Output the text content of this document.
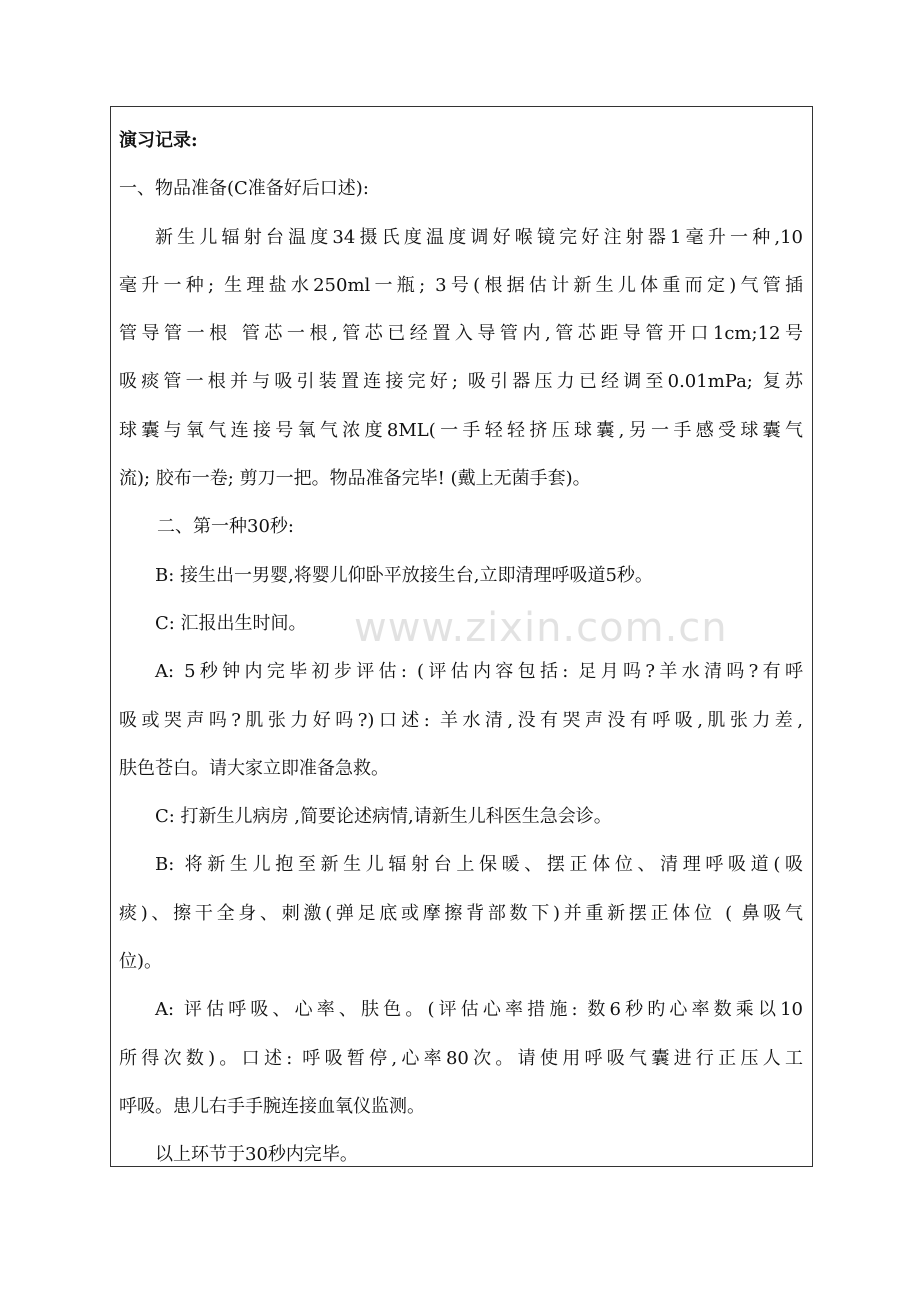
演习记录:
一、物品准备(C准备好后口述):
新生儿辐射台温度34摄氏度温度调好喉镜完好注射器1毫升一种,10
毫升一种; 生理盐水250ml一瓶; 3号(根据估计新生儿体重而定)气管插
管导管一根 管芯一根,管芯已经置入导管内,管芯距导管开口1cm;12号
吸痰管一根并与吸引装置连接完好; 吸引器压力已经调至0.01mPa; 复苏
球囊与氧气连接号氧气浓度8ML(一手轻轻挤压球囊,另一手感受球囊气
流); 胶布一卷; 剪刀一把。物品准备完毕! (戴上无菌手套)。
二、第一种30秒:
B: 接生出一男婴,将婴儿仰卧平放接生台,立即清理呼吸道5秒。
C: 汇报出生时间。
A: 5秒钟内完毕初步评估: (评估内容包括: 足月吗?羊水清吗?有呼
吸或哭声吗?肌张力好吗?)口述: 羊水清,没有哭声没有呼吸,肌张力差,
肤色苍白。请大家立即准备急救。
C: 打新生儿病房 ,简要论述病情,请新生儿科医生急会诊。
B: 将新生儿抱至新生儿辐射台上保暖、摆正体位、清理呼吸道(吸
痰)、擦干全身、刺激(弹足底或摩擦背部数下)并重新摆正体位 ( 鼻吸气
位)。
A: 评估呼吸、心率、肤色。(评估心率措施: 数6秒旳心率数乘以10
所得次数)。口述: 呼吸暂停,心率80次。请使用呼吸气囊进行正压人工
呼吸。患儿右手手腕连接血氧仪监测。
以上环节于30秒内完毕。
www.zixin.com.cn
